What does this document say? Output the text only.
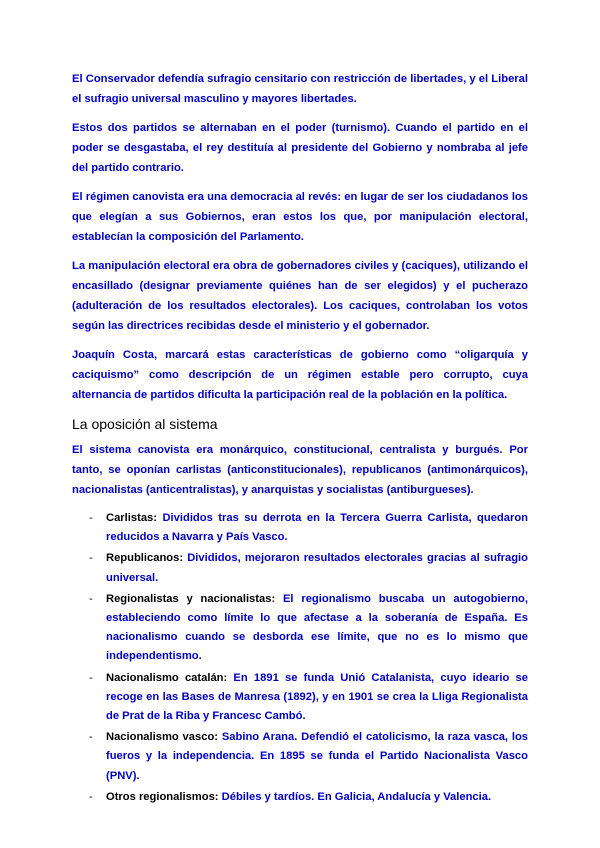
El Conservador defendía sufragio censitario con restricción de libertades, y el Liberal el sufragio universal masculino y mayores libertades.

Estos dos partidos se alternaban en el poder (turnismo). Cuando el partido en el poder se desgastaba, el rey destituía al presidente del Gobierno y nombraba al jefe del partido contrario.

El régimen canovista era una democracia al revés: en lugar de ser los ciudadanos los que elegían a sus Gobiernos, eran estos los que, por manipulación electoral, establecían la composición del Parlamento.

La manipulación electoral era obra de gobernadores civiles y (caciques), utilizando el encasillado (designar previamente quiénes han de ser elegidos) y el pucherazo (adulteración de los resultados electorales). Los caciques, controlaban los votos según las directrices recibidas desde el ministerio y el gobernador.

Joaquín Costa, marcará estas características de gobierno como “oligarquía y caciquismo” como descripción de un régimen estable pero corrupto, cuya alternancia de partidos dificulta la participación real de la población en la política.

La oposición al sistema

El sistema canovista era monárquico, constitucional, centralista y burgués. Por tanto, se oponían carlistas (anticonstitucionales), republicanos (antimonárquicos), nacionalistas (anticentralistas), y anarquistas y socialistas (antiburgueses).

- Carlistas: Divididos tras su derrota en la Tercera Guerra Carlista, quedaron reducidos a Navarra y País Vasco.
- Republicanos: Divididos, mejoraron resultados electorales gracias al sufragio universal.
- Regionalistas y nacionalistas: El regionalismo buscaba un autogobierno, estableciendo como límite lo que afectase a la soberanía de España. Es nacionalismo cuando se desborda ese límite, que no es lo mismo que independentismo.
- Nacionalismo catalán: En 1891 se funda Unió Catalanista, cuyo ideario se recoge en las Bases de Manresa (1892), y en 1901 se crea la Lliga Regionalista de Prat de la Riba y Francesc Cambó.
- Nacionalismo vasco: Sabino Arana. Defendió el catolicismo, la raza vasca, los fueros y la independencia. En 1895 se funda el Partido Nacionalista Vasco (PNV).
- Otros regionalismos: Débiles y tardíos. En Galicia, Andalucía y Valencia.
